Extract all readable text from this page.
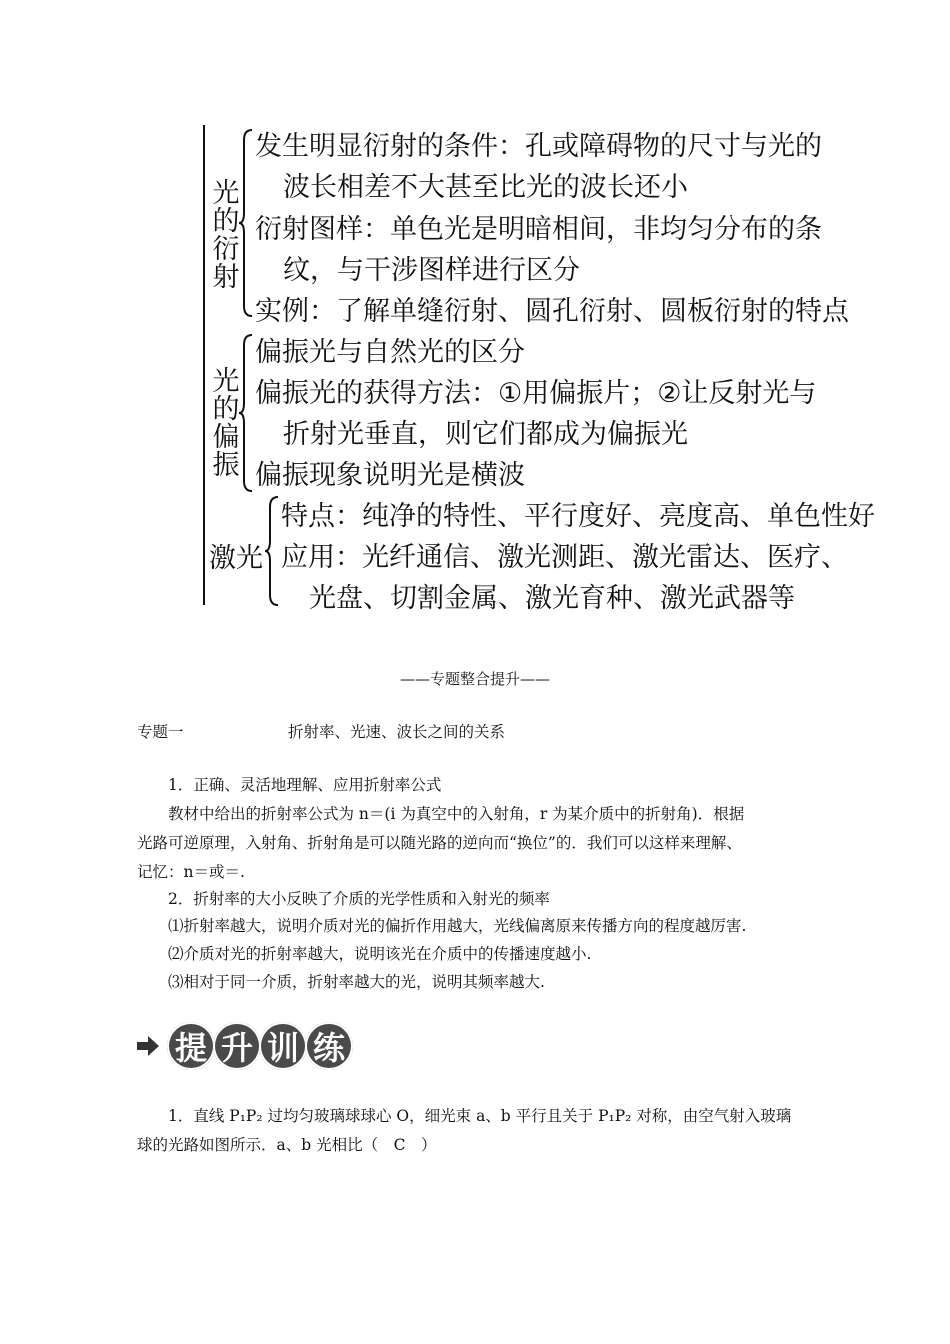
光
的
衍
射
发生明显衍射的条件：孔或障碍物的尺寸与光的
波长相差不大甚至比光的波长还小
衍射图样：单色光是明暗相间，非均匀分布的条
纹，与干涉图样进行区分
实例：了解单缝衍射、圆孔衍射、圆板衍射的特点
光
的
偏
振
偏振光与自然光的区分
偏振光的获得方法：①用偏振片；②让反射光与
折射光垂直，则它们都成为偏振光
偏振现象说明光是横波
激光
特点：纯净的特性、平行度好、亮度高、单色性好
应用：光纤通信、激光测距、激光雷达、医疗、
光盘、切割金属、激光育种、激光武器等
——专题整合提升——
专题一	折射率、光速、波长之间的关系
1．正确、灵活地理解、应用折射率公式
教材中给出的折射率公式为 n＝(i 为真空中的入射角，r 为某介质中的折射角)．根据
光路可逆原理，入射角、折射角是可以随光路的逆向而“换位”的．我们可以这样来理解、
记忆：n＝或＝.
2．折射率的大小反映了介质的光学性质和入射光的频率
⑴折射率越大，说明介质对光的偏折作用越大，光线偏离原来传播方向的程度越厉害.
⑵介质对光的折射率越大，说明该光在介质中的传播速度越小.
⑶相对于同一介质，折射率越大的光，说明其频率越大.
提 升 训 练
1．直线 P₁P₂ 过均匀玻璃球球心 O，细光束 a、b 平行且关于 P₁P₂ 对称，由空气射入玻璃
球的光路如图所示．a、b 光相比（　C　）
